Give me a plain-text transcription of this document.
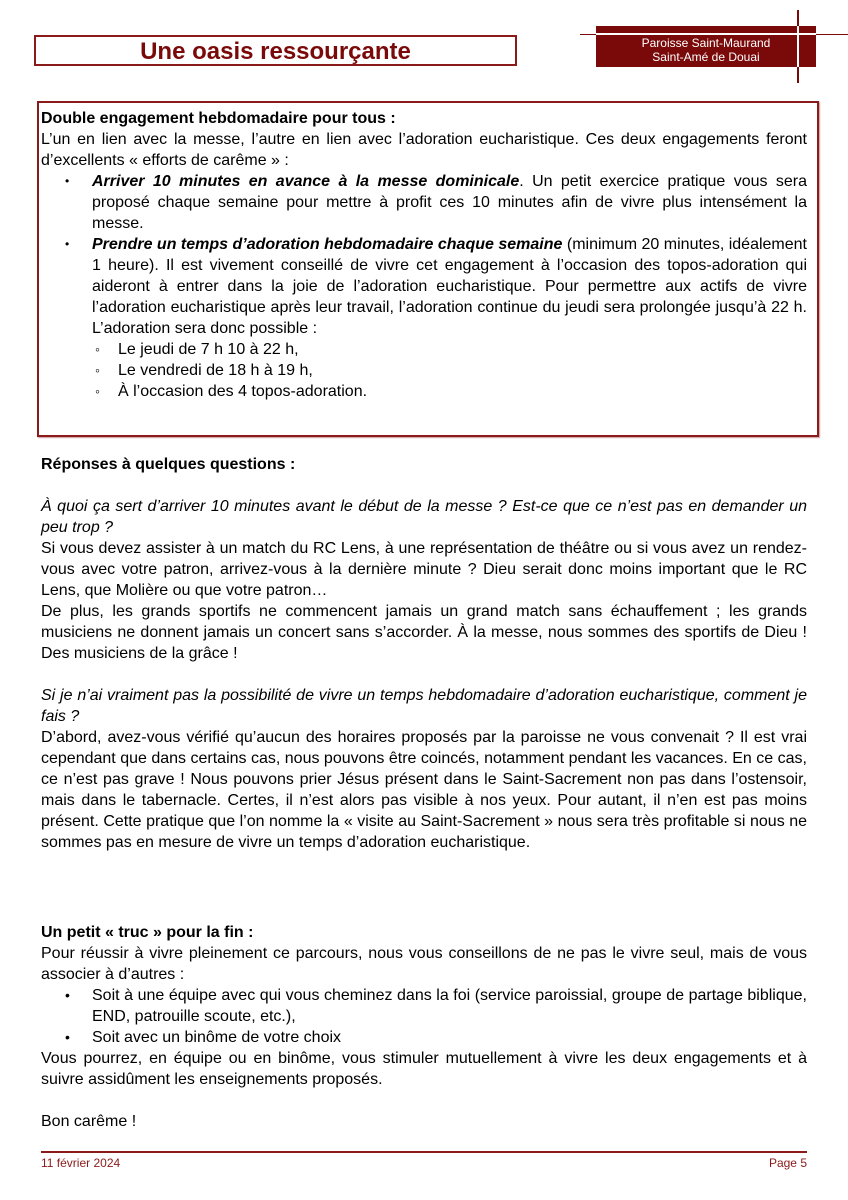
Une oasis ressourçante	Paroisse Saint-Maurand
Saint-Amé de Douai

Double engagement hebdomadaire pour tous :

L’un en lien avec la messe, l’autre en lien avec l’adoration eucharistique. Ces deux engagements feront d’excellents « efforts de carême » :

• Arriver 10 minutes en avance à la messe dominicale. Un petit exercice pratique vous sera proposé chaque semaine pour mettre à profit ces 10 minutes afin de vivre plus intensément la messe.
• Prendre un temps d’adoration hebdomadaire chaque semaine (minimum 20 minutes, idéalement 1 heure). Il est vivement conseillé de vivre cet engagement à l’occasion des topos-adoration qui aideront à entrer dans la joie de l’adoration eucharistique. Pour permettre aux actifs de vivre l’adoration eucharistique après leur travail, l’adoration continue du jeudi sera prolongée jusqu’à 22 h. L’adoration sera donc possible :
◦ Le jeudi de 7 h 10 à 22 h,
◦ Le vendredi de 18 h à 19 h,
◦ À l’occasion des 4 topos-adoration.

Réponses à quelques questions :

À quoi ça sert d’arriver 10 minutes avant le début de la messe ? Est-ce que ce n’est pas en demander un peu trop ?

Si vous devez assister à un match du RC Lens, à une représentation de théâtre ou si vous avez un rendez-vous avec votre patron, arrivez-vous à la dernière minute ? Dieu serait donc moins important que le RC Lens, que Molière ou que votre patron…

De plus, les grands sportifs ne commencent jamais un grand match sans échauffement ; les grands musiciens ne donnent jamais un concert sans s’accorder. À la messe, nous sommes des sportifs de Dieu ! Des musiciens de la grâce !

Si je n’ai vraiment pas la possibilité de vivre un temps hebdomadaire d’adoration eucharistique, comment je fais ?

D’abord, avez-vous vérifié qu’aucun des horaires proposés par la paroisse ne vous convenait ? Il est vrai cependant que dans certains cas, nous pouvons être coincés, notamment pendant les vacances. En ce cas, ce n’est pas grave ! Nous pouvons prier Jésus présent dans le Saint-Sacrement non pas dans l’ostensoir, mais dans le tabernacle. Certes, il n’est alors pas visible à nos yeux. Pour autant, il n’en est pas moins présent. Cette pratique que l’on nomme la « visite au Saint-Sacrement » nous sera très profitable si nous ne sommes pas en mesure de vivre un temps d’adoration eucharistique.

Un petit « truc » pour la fin :

Pour réussir à vivre pleinement ce parcours, nous vous conseillons de ne pas le vivre seul, mais de vous associer à d’autres :

• Soit à une équipe avec qui vous cheminez dans la foi (service paroissial, groupe de partage biblique, END, patrouille scoute, etc.),
• Soit avec un binôme de votre choix

Vous pourrez, en équipe ou en binôme, vous stimuler mutuellement à vivre les deux engagements et à suivre assidûment les enseignements proposés.

Bon carême !

11 février 2024	Page 5
